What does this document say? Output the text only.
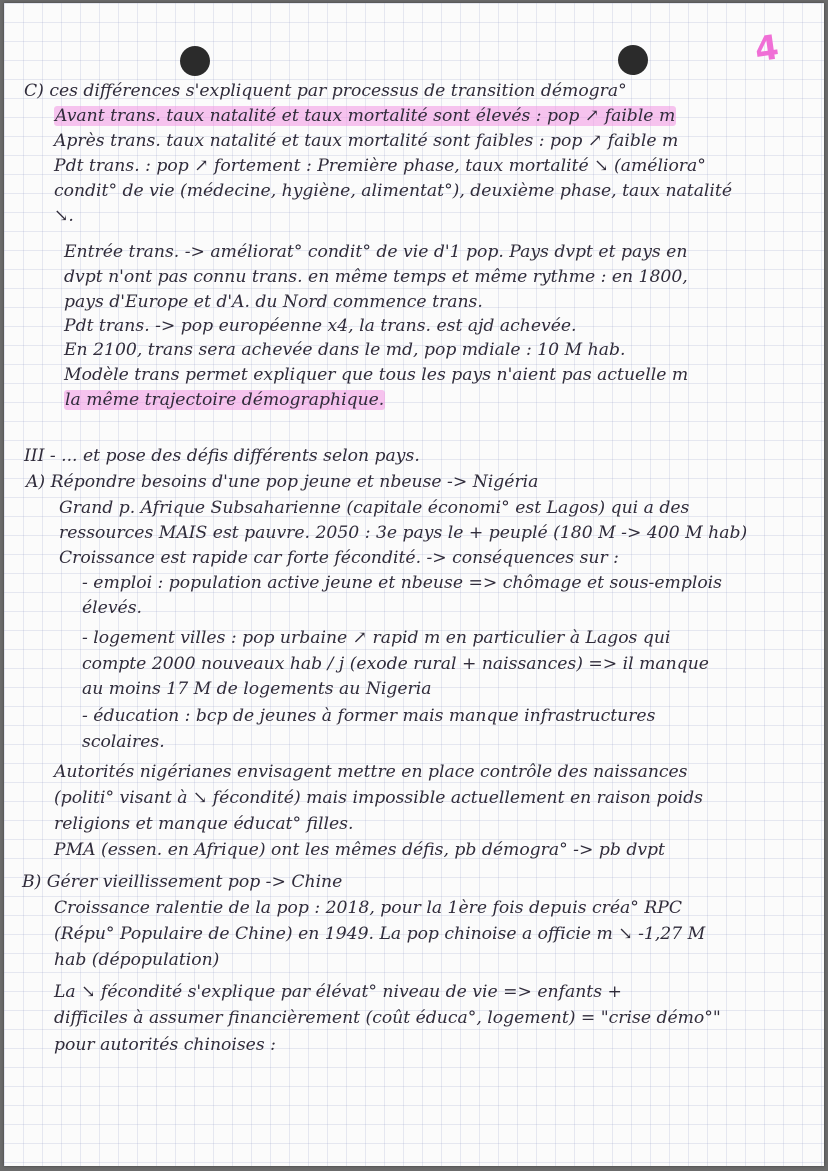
4
C) ces différences s'expliquent par processus de transition démogra°
Avant trans. taux natalité et taux mortalité sont élevés : pop ↗ faible m
Après trans. taux natalité et taux mortalité sont faibles : pop ↗ faible m
Pdt trans. : pop ↗ fortement : Première phase, taux mortalité ↘ (améliora°
condit° de vie (médecine, hygiène, alimentat°), deuxième phase, taux natalité
↘.
Entrée trans. -> améliorat° condit° de vie d'1 pop. Pays dvpt et pays en
dvpt n'ont pas connu trans. en même temps et même rythme : en 1800,
pays d'Europe et d'A. du Nord commence trans.
Pdt trans. -> pop européenne x4, la trans. est ajd achevée.
En 2100, trans sera achevée dans le md, pop mdiale : 10 M hab.
Modèle trans permet expliquer que tous les pays n'aient pas actuelle m
la même trajectoire démographique.
III - ... et pose des défis différents selon pays.
A) Répondre besoins d'une pop jeune et nbeuse -> Nigéria
Grand p. Afrique Subsaharienne (capitale économi° est Lagos) qui a des
ressources MAIS est pauvre. 2050 : 3e pays le + peuplé (180 M -> 400 M hab)
Croissance est rapide car forte fécondité. -> conséquences sur :
- emploi : population active jeune et nbeuse => chômage et sous-emplois
élevés.
- logement villes : pop urbaine ↗ rapid m en particulier à Lagos qui
compte 2000 nouveaux hab / j (exode rural + naissances) => il manque
au moins 17 M de logements au Nigeria
- éducation : bcp de jeunes à former mais manque infrastructures
scolaires.
Autorités nigérianes envisagent mettre en place contrôle des naissances
(politi° visant à ↘ fécondité) mais impossible actuellement en raison poids
religions et manque éducat° filles.
PMA (essen. en Afrique) ont les mêmes défis, pb démogra° -> pb dvpt
B) Gérer vieillissement pop -> Chine
Croissance ralentie de la pop : 2018, pour la 1ère fois depuis créa° RPC
(Répu° Populaire de Chine) en 1949. La pop chinoise a officie m ↘ -1,27 M
hab (dépopulation)
La ↘ fécondité s'explique par élévat° niveau de vie => enfants +
difficiles à assumer financièrement (coût éduca°, logement) = "crise démo°"
pour autorités chinoises :
